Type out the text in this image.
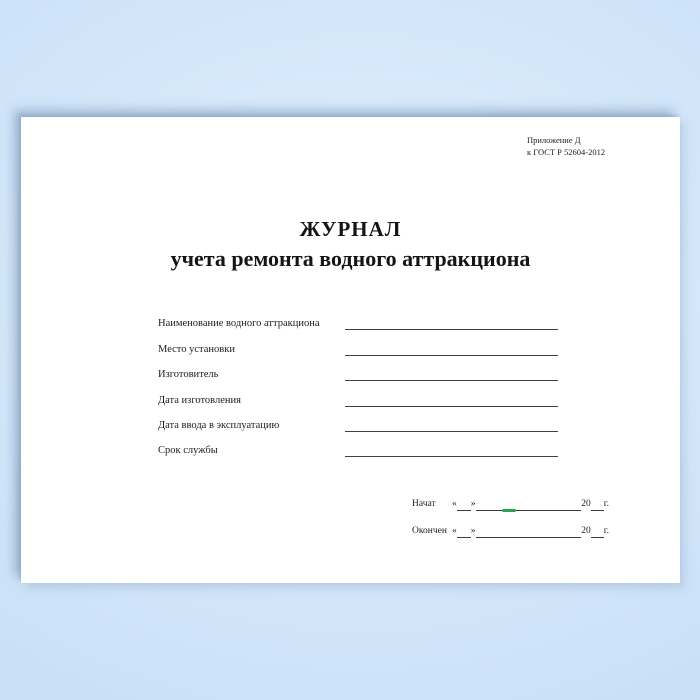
Приложение Д
к ГОСТ Р 52604-2012
ЖУРНАЛ
учета ремонта водного аттракциона
Наименование водного аттракциона
Место установки
Изготовитель
Дата изготовления
Дата ввода в эксплуатацию
Срок службы
Начат	« »	20 г.
Окончен « »	20 г.
